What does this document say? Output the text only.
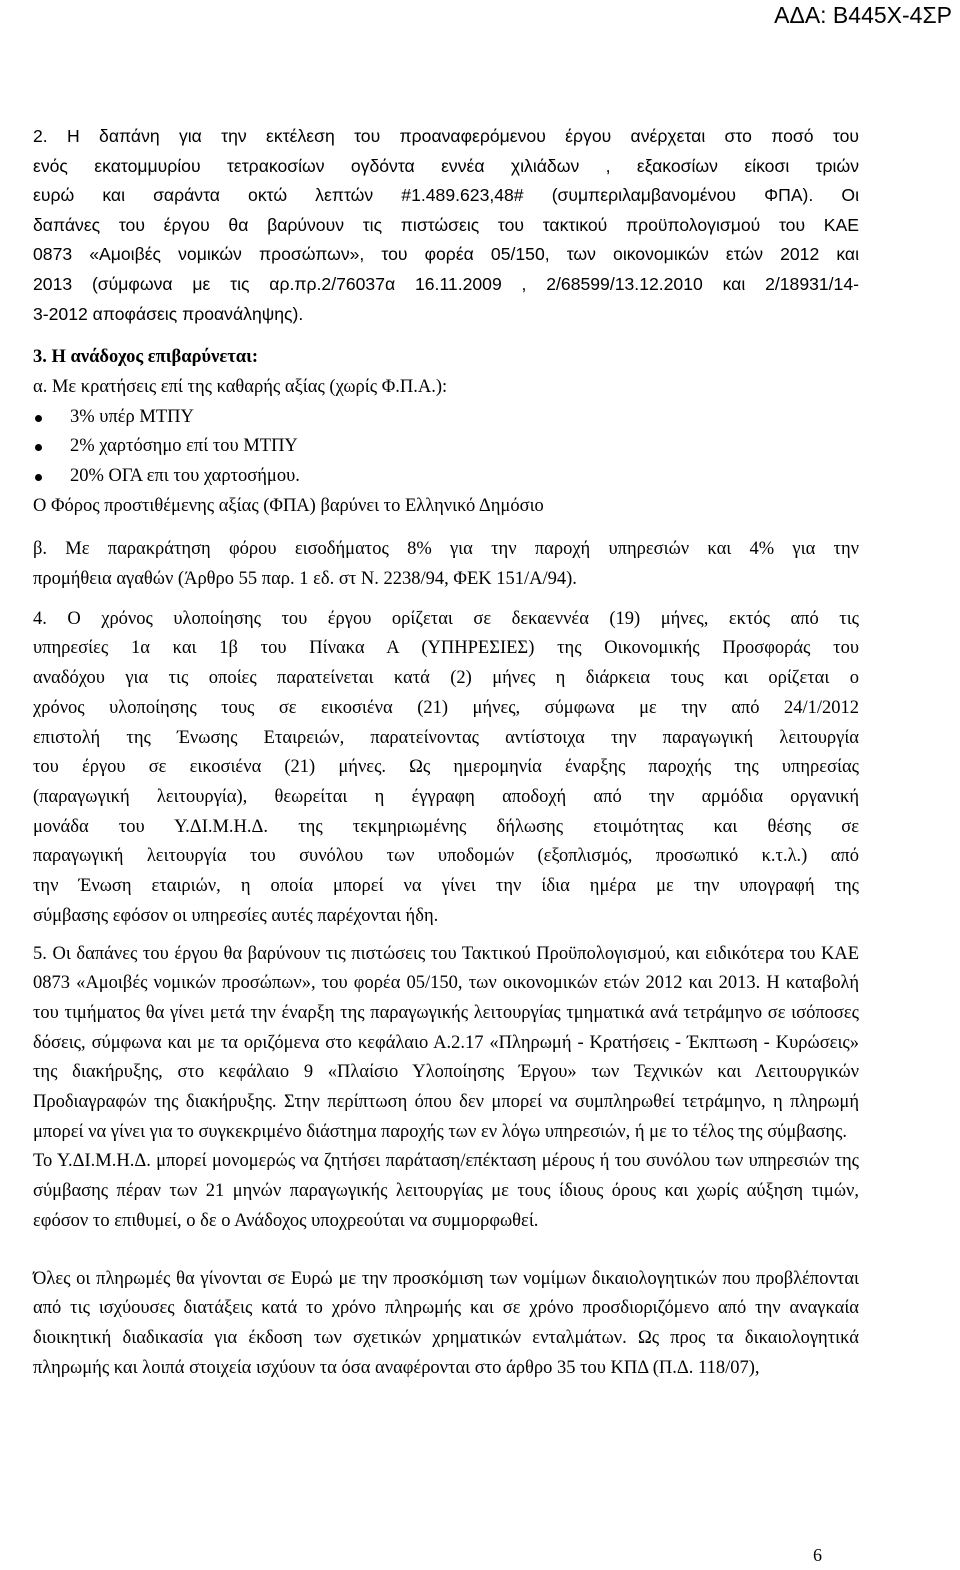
ΑΔΑ: Β445Χ-4ΣΡ
2. Η δαπάνη για την εκτέλεση του προαναφερόμενου έργου ανέρχεται στο ποσό του
ενός εκατομμυρίου τετρακοσίων ογδόντα εννέα χιλιάδων , εξακοσίων είκοσι τριών
ευρώ και σαράντα οκτώ λεπτών #1.489.623,48# (συμπεριλαμβανομένου ΦΠΑ). Οι
δαπάνες του έργου θα βαρύνουν τις πιστώσεις του τακτικού προϋπολογισμού του ΚΑΕ
0873 «Αμοιβές νομικών προσώπων», του φορέα 05/150, των οικονομικών ετών 2012 και
2013 (σύμφωνα με τις αρ.πρ.2/76037α 16.11.2009 , 2/68599/13.12.2010 και 2/18931/14-
3-2012 αποφάσεις προανάληψης).

3. Η ανάδοχος επιβαρύνεται:

α. Με κρατήσεις επί της καθαρής αξίας (χωρίς Φ.Π.Α.):

3% υπέρ ΜΤΠΥ
2% χαρτόσημο επί του ΜΤΠΥ
20% ΟΓΑ επι του χαρτοσήμου.

Ο Φόρος προστιθέμενης αξίας (ΦΠΑ) βαρύνει το Ελληνικό Δημόσιο

β. Με παρακράτηση φόρου εισοδήματος 8% για την παροχή υπηρεσιών και 4% για την
προμήθεια αγαθών (Άρθρο 55 παρ. 1 εδ. στ Ν. 2238/94, ΦΕΚ 151/Α/94).
4. Ο χρόνος υλοποίησης του έργου ορίζεται σε δεκαεννέα (19) μήνες, εκτός από τις
υπηρεσίες 1α και 1β του Πίνακα Α (ΥΠΗΡΕΣΙΕΣ) της Οικονομικής Προσφοράς του
αναδόχου για τις οποίες παρατείνεται κατά (2) μήνες η διάρκεια τους και ορίζεται ο
χρόνος υλοποίησης τους σε εικοσιένα (21) μήνες, σύμφωνα με την από 24/1/2012
επιστολή της Ένωσης Εταιρειών, παρατείνοντας αντίστοιχα την παραγωγική λειτουργία
του έργου σε εικοσιένα (21) μήνες. Ως ημερομηνία έναρξης παροχής της υπηρεσίας
(παραγωγική λειτουργία), θεωρείται η έγγραφη αποδοχή από την αρμόδια οργανική
μονάδα του Υ.ΔΙ.Μ.Η.Δ. της τεκμηριωμένης δήλωσης ετοιμότητας και θέσης σε
παραγωγική λειτουργία του συνόλου των υποδομών (εξοπλισμός, προσωπικό κ.τ.λ.) από
την Ένωση εταιριών, η οποία μπορεί να γίνει την ίδια ημέρα με την υπογραφή της
σύμβασης εφόσον οι υπηρεσίες αυτές παρέχονται ήδη.

5. Οι δαπάνες του έργου θα βαρύνουν τις πιστώσεις του Τακτικού Προϋπολογισμού, και ειδικότερα του ΚΑΕ 0873 «Αμοιβές νομικών προσώπων», του φορέα 05/150, των οικονομικών ετών 2012 και 2013. Η καταβολή του τιμήματος θα γίνει μετά την έναρξη της παραγωγικής λειτουργίας τμηματικά ανά τετράμηνο σε ισόποσες δόσεις, σύμφωνα και με τα οριζόμενα στο κεφάλαιο Α.2.17 «Πληρωμή - Κρατήσεις - Έκπτωση - Κυρώσεις» της διακήρυξης, στο κεφάλαιο 9 «Πλαίσιο Υλοποίησης Έργου» των Τεχνικών και Λειτουργικών Προδιαγραφών της διακήρυξης. Στην περίπτωση όπου δεν μπορεί να συμπληρωθεί τετράμηνο, η πληρωμή μπορεί να γίνει για το συγκεκριμένο διάστημα παροχής των εν λόγω υπηρεσιών, ή με το τέλος της σύμβασης.

Το Υ.ΔΙ.Μ.Η.Δ. μπορεί μονομερώς να ζητήσει παράταση/επέκταση μέρους ή του συνόλου των υπηρεσιών της σύμβασης πέραν των 21 μηνών παραγωγικής λειτουργίας με τους ίδιους όρους και χωρίς αύξηση τιμών, εφόσον το επιθυμεί, ο δε ο Ανάδοχος υποχρεούται να συμμορφωθεί.

Όλες οι πληρωμές θα γίνονται σε Ευρώ με την προσκόμιση των νομίμων δικαιολογητικών που προβλέπονται από τις ισχύουσες διατάξεις κατά το χρόνο πληρωμής και σε χρόνο προσδιοριζόμενο από την αναγκαία διοικητική διαδικασία για έκδοση των σχετικών χρηματικών ενταλμάτων. Ως προς τα δικαιολογητικά πληρωμής και λοιπά στοιχεία ισχύουν τα όσα αναφέρονται στο άρθρο 35 του ΚΠΔ (Π.Δ. 118/07),

6
